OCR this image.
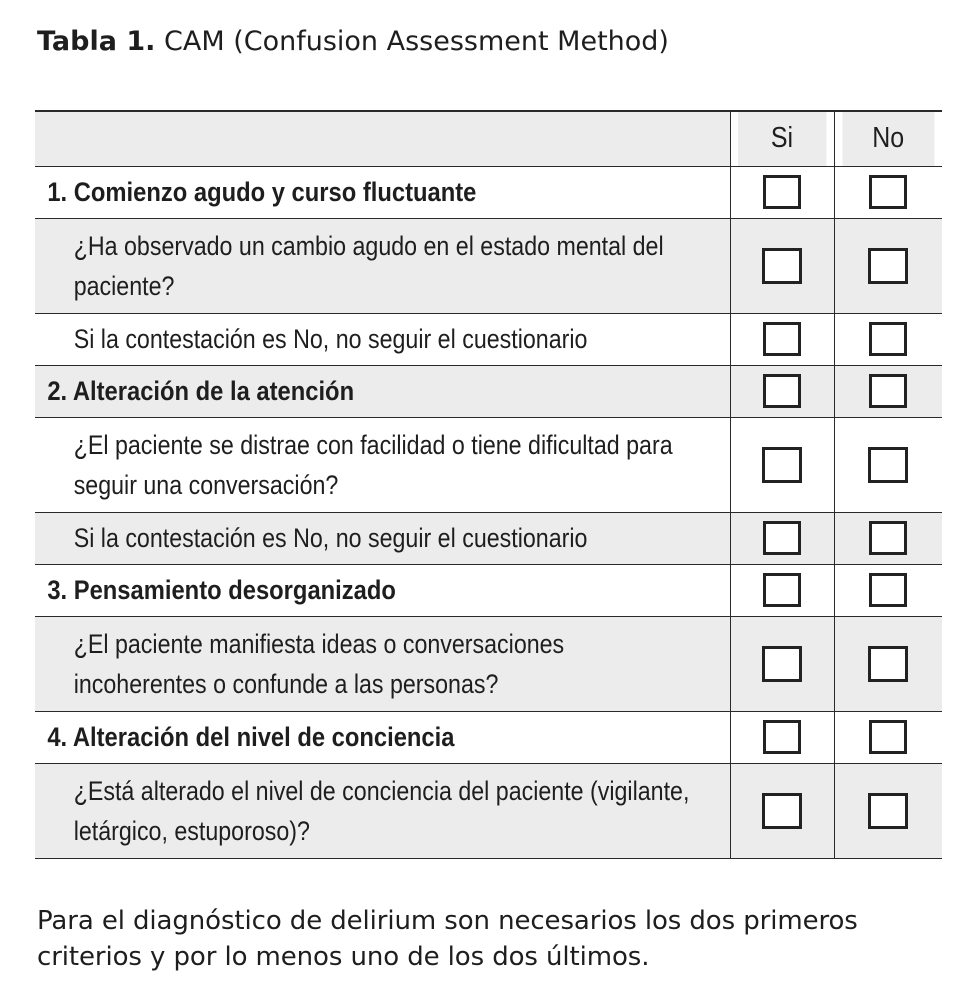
Tabla 1. CAM (Confusion Assessment Method)
	Si	No
1. Comienzo agudo y curso fluctuante		
¿Ha observado un cambio agudo en el estado mental del paciente?		
Si la contestación es No, no seguir el cuestionario		
2. Alteración de la atención		
¿El paciente se distrae con facilidad o tiene dificultad para seguir una conversación?		
Si la contestación es No, no seguir el cuestionario		
3. Pensamiento desorganizado		
¿El paciente manifiesta ideas o conversaciones incoherentes o confunde a las personas?		
4. Alteración del nivel de conciencia		
¿Está alterado el nivel de conciencia del paciente (vigilante, letárgico, estuporoso)?		
Para el diagnóstico de delirium son necesarios los dos primeros criterios y por lo menos uno de los dos últimos.
